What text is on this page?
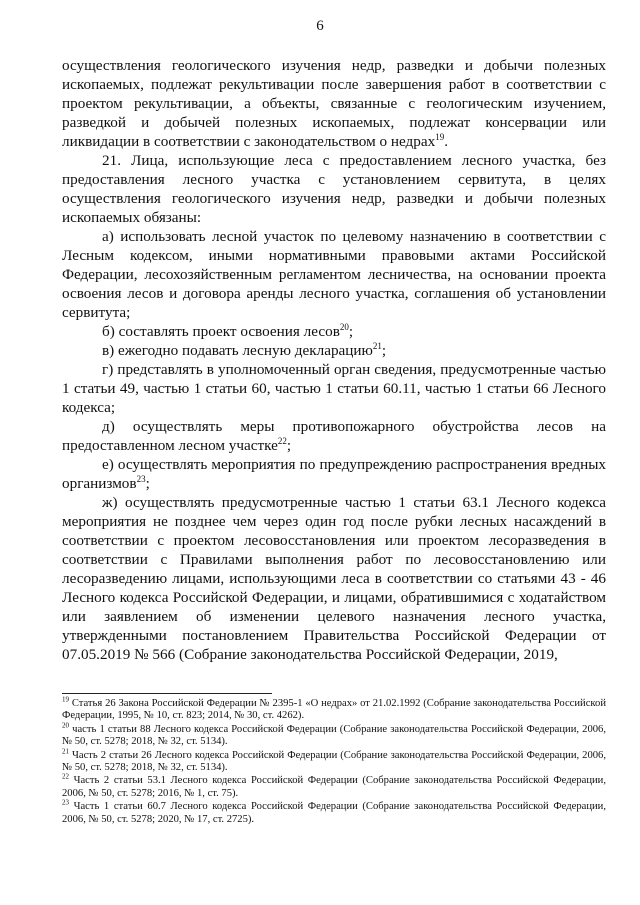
6

осуществления геологического изучения недр, разведки и добычи полезных ископаемых, подлежат рекультивации после завершения работ в соответствии с проектом рекультивации, а объекты, связанные с геологическим изучением, разведкой и добычей полезных ископаемых, подлежат консервации или ликвидации в соответствии с законодательством о недрах$^{19}$.

21. Лица, использующие леса с предоставлением лесного участка, без предоставления лесного участка с установлением сервитута, в целях осуществления геологического изучения недр, разведки и добычи полезных ископаемых обязаны:

а) использовать лесной участок по целевому назначению в соответствии с Лесным кодексом, иными нормативными правовыми актами Российской Федерации, лесохозяйственным регламентом лесничества, на основании проекта освоения лесов и договора аренды лесного участка, соглашения об установлении сервитута;

б) составлять проект освоения лесов$^{20}$;

в) ежегодно подавать лесную декларацию$^{21}$;

г) представлять в уполномоченный орган сведения, предусмотренные частью 1 статьи 49, частью 1 статьи 60, частью 1 статьи 60.11, частью 1 статьи 66 Лесного кодекса;

д) осуществлять меры противопожарного обустройства лесов на предоставленном лесном участке$^{22}$;

е) осуществлять мероприятия по предупреждению распространения вредных организмов$^{23}$;

ж) осуществлять предусмотренные частью 1 статьи 63.1 Лесного кодекса мероприятия не позднее чем через один год после рубки лесных насаждений в соответствии с проектом лесовосстановления или проектом лесоразведения в соответствии с Правилами выполнения работ по лесовосстановлению или лесоразведению лицами, использующими леса в соответствии со статьями 43 - 46 Лесного кодекса Российской Федерации, и лицами, обратившимися с ходатайством или заявлением об изменении целевого назначения лесного участка, утвержденными постановлением Правительства Российской Федерации от 07.05.2019 № 566 (Собрание законодательства Российской Федерации, 2019,

$^{19}$ Статья 26 Закона Российской Федерации № 2395-1 «О недрах» от 21.02.1992 (Собрание законодательства Российской Федерации, 1995, № 10, ст. 823; 2014, № 30, ст. 4262).

$^{20}$ часть 1 статьи 88 Лесного кодекса Российской Федерации (Собрание законодательства Российской Федерации, 2006, № 50, ст. 5278; 2018, № 32, ст. 5134).

$^{21}$ Часть 2 статьи 26 Лесного кодекса Российской Федерации (Собрание законодательства Российской Федерации, 2006, № 50, ст. 5278; 2018, № 32, ст. 5134).

$^{22}$ Часть 2 статьи 53.1 Лесного кодекса Российской Федерации (Собрание законодательства Российской Федерации, 2006, № 50, ст. 5278; 2016, № 1, ст. 75).

$^{23}$ Часть 1 статьи 60.7 Лесного кодекса Российской Федерации (Собрание законодательства Российской Федерации, 2006, № 50, ст. 5278; 2020, № 17, ст. 2725).
